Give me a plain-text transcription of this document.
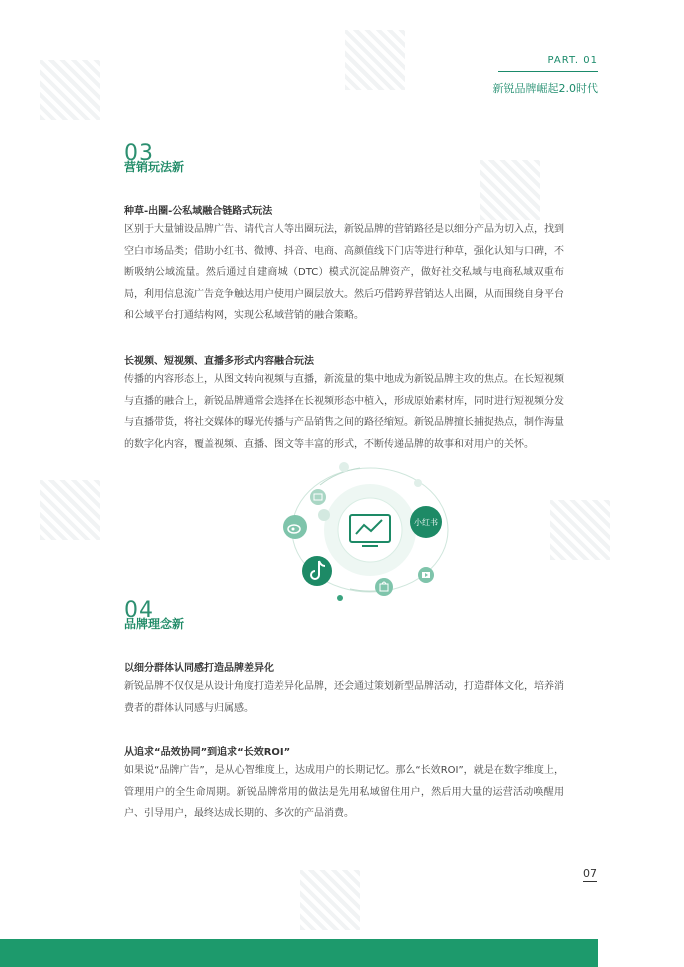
PART. 01
新锐品牌崛起2.0时代
03
营销玩法新
种草-出圈-公私域融合链路式玩法
区别于大量铺设品牌广告、请代言人等出圈玩法，新锐品牌的营销路径是以细分产品为切入点，找到空白市场品类；借助小红书、微博、抖音、电商、高颜值线下门店等进行种草，强化认知与口碑，不断吸纳公域流量。然后通过自建商城（DTC）模式沉淀品牌资产，做好社交私域与电商私域双重布局，利用信息流广告竞争触达用户使用户圈层放大。然后巧借跨界营销达人出圈，从而围绕自身平台和公域平台打通结构网，实现公私域营销的融合策略。
长视频、短视频、直播多形式内容融合玩法
传播的内容形态上，从图文转向视频与直播，新流量的集中地成为新锐品牌主攻的焦点。在长短视频与直播的融合上，新锐品牌通常会选择在长视频形态中植入，形成原始素材库，同时进行短视频分发与直播带货，将社交媒体的曝光传播与产品销售之间的路径缩短。新锐品牌擅长捕捉热点，制作海量的数字化内容，覆盖视频、直播、图文等丰富的形式，不断传递品牌的故事和对用户的关怀。
小红书
04
品牌理念新
以细分群体认同感打造品牌差异化
新锐品牌不仅仅是从设计角度打造差异化品牌，还会通过策划新型品牌活动，打造群体文化，培养消费者的群体认同感与归属感。
从追求“品效协同”到追求“长效ROI”
如果说“品牌广告”，是从心智维度上，达成用户的长期记忆。那么“长效ROI”，就是在数字维度上，管理用户的全生命周期。新锐品牌常用的做法是先用私域留住用户，然后用大量的运营活动唤醒用户、引导用户，最终达成长期的、多次的产品消费。
07
